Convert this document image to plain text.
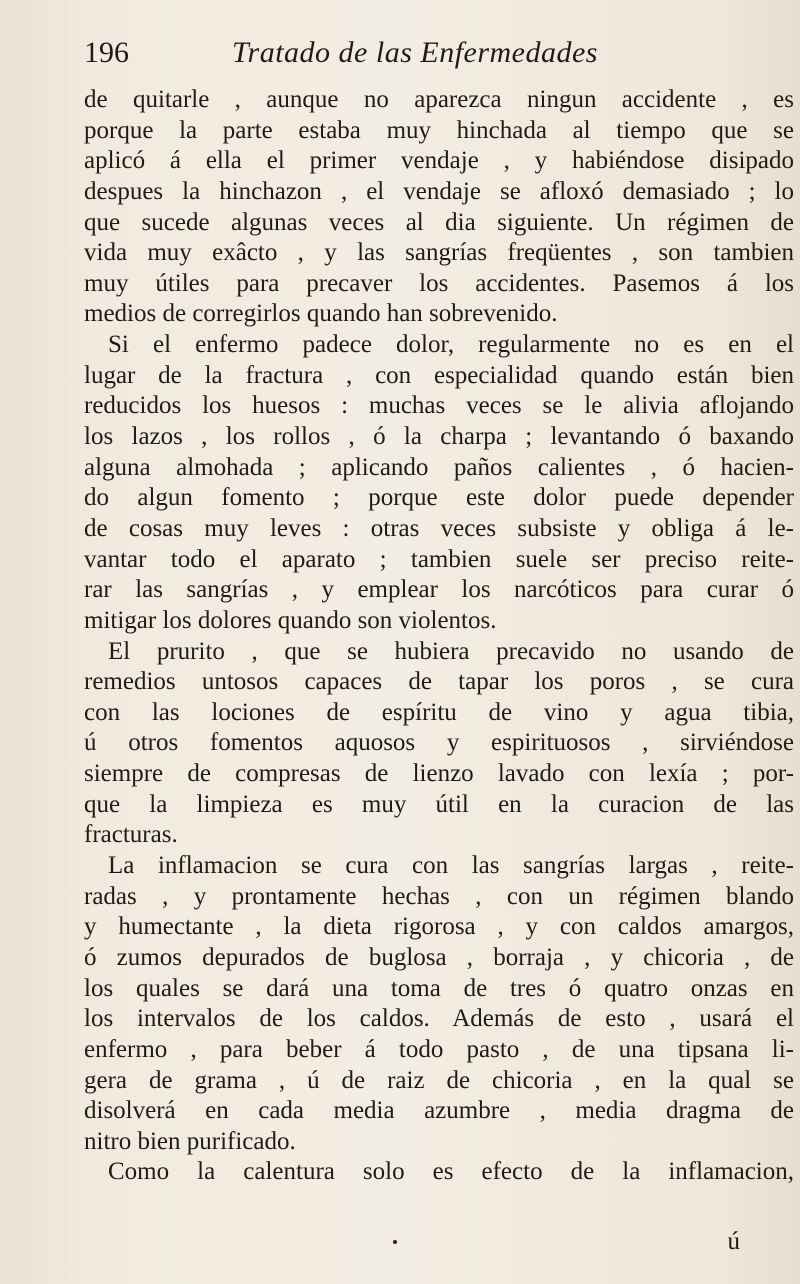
196	Tratado de las Enfermedades
de quitarle , aunque no aparezca ningun accidente , es
porque la parte estaba muy hinchada al tiempo que se
aplicó á ella el primer vendaje , y habiéndose disipado
despues la hinchazon , el vendaje se afloxó demasiado ; lo
que sucede algunas veces al dia siguiente. Un régimen de
vida muy exâcto , y las sangrías freqüentes , son tambien
muy útiles para precaver los accidentes. Pasemos á los
medios de corregirlos quando han sobrevenido.
Si el enfermo padece dolor, regularmente no es en el
lugar de la fractura , con especialidad quando están bien
reducidos los huesos : muchas veces se le alivia aflojando
los lazos , los rollos , ó la charpa ; levantando ó baxando
alguna almohada ; aplicando paños calientes , ó hacien-
do algun fomento ; porque este dolor puede depender
de cosas muy leves : otras veces subsiste y obliga á le-
vantar todo el aparato ; tambien suele ser preciso reite-
rar las sangrías , y emplear los narcóticos para curar ó
mitigar los dolores quando son violentos.
El prurito , que se hubiera precavido no usando de
remedios untosos capaces de tapar los poros , se cura
con las lociones de espíritu de vino y agua tibia,
ú otros fomentos aquosos y espirituosos , sirviéndose
siempre de compresas de lienzo lavado con lexía ; por-
que la limpieza es muy útil en la curacion de las
fracturas.
La inflamacion se cura con las sangrías largas , reite-
radas , y prontamente hechas , con un régimen blando
y humectante , la dieta rigorosa , y con caldos amargos,
ó zumos depurados de buglosa , borraja , y chicoria , de
los quales se dará una toma de tres ó quatro onzas en
los intervalos de los caldos. Además de esto , usará el
enfermo , para beber á todo pasto , de una tipsana li-
gera de grama , ú de raiz de chicoria , en la qual se
disolverá en cada media azumbre , media dragma de
nitro bien purificado.
Como la calentura solo es efecto de la inflamacion,
ú
